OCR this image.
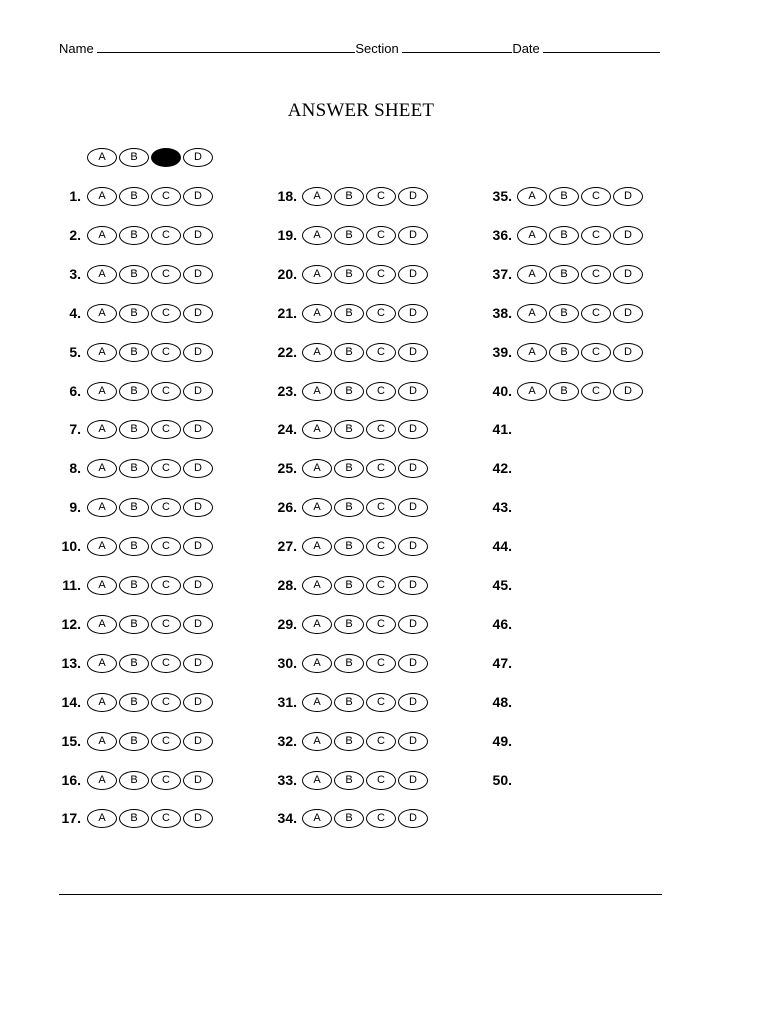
Name	Section	Date
ANSWER SHEET
A	B	C	D
1.	A	B	C	D
2.	A	B	C	D
3.	A	B	C	D
4.	A	B	C	D
5.	A	B	C	D
6.	A	B	C	D
7.	A	B	C	D
8.	A	B	C	D
9.	A	B	C	D
10.	A	B	C	D
11.	A	B	C	D
12.	A	B	C	D
13.	A	B	C	D
14.	A	B	C	D
15.	A	B	C	D
16.	A	B	C	D
17.	A	B	C	D
18.	A	B	C	D
19.	A	B	C	D
20.	A	B	C	D
21.	A	B	C	D
22.	A	B	C	D
23.	A	B	C	D
24.	A	B	C	D
25.	A	B	C	D
26.	A	B	C	D
27.	A	B	C	D
28.	A	B	C	D
29.	A	B	C	D
30.	A	B	C	D
31.	A	B	C	D
32.	A	B	C	D
33.	A	B	C	D
34.	A	B	C	D
35.	A	B	C	D
36.	A	B	C	D
37.	A	B	C	D
38.	A	B	C	D
39.	A	B	C	D
40.	A	B	C	D
41.
42.
43.
44.
45.
46.
47.
48.
49.
50.
